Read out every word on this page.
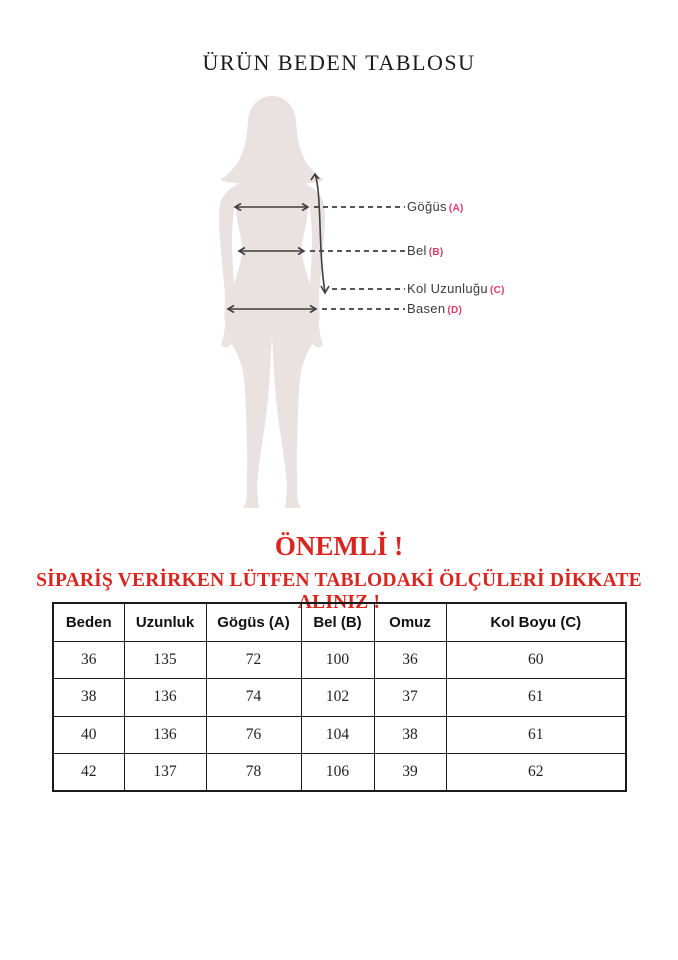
ÜRÜN BEDEN TABLOSU
Göğüs (A)
Bel (B)
Kol Uzunluğu (C)
Basen (D)
ÖNEMLİ !
SİPARİŞ VERİRKEN LÜTFEN TABLODAKİ ÖLÇÜLERİ DİKKATE ALINIZ !
Beden	Uzunluk	Gögüs (A)	Bel (B)	Omuz	Kol Boyu (C)
36	135	72	100	36	60
38	136	74	102	37	61
40	136	76	104	38	61
42	137	78	106	39	62
